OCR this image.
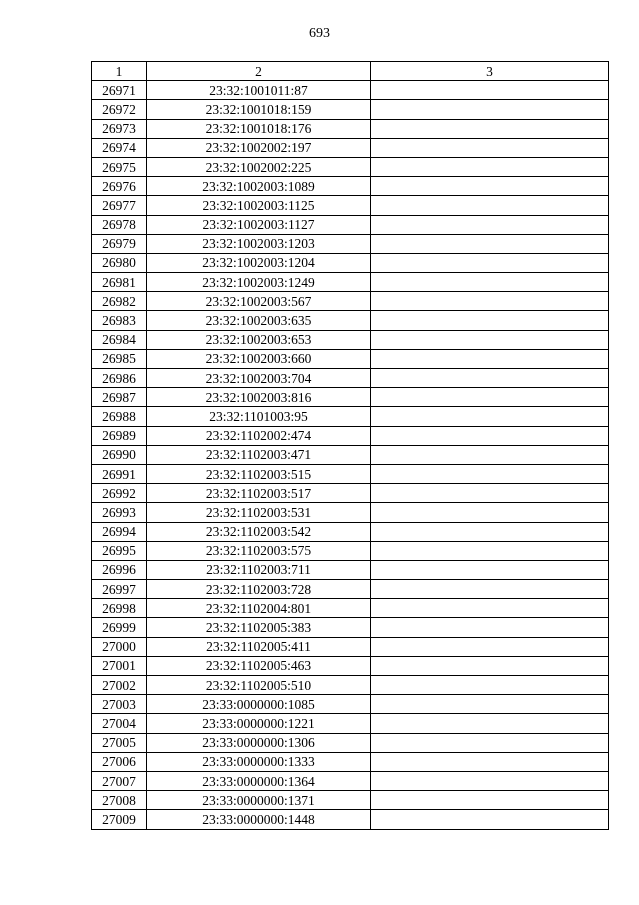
693
1	2	3
26971	23:32:1001011:87	
26972	23:32:1001018:159	
26973	23:32:1001018:176	
26974	23:32:1002002:197	
26975	23:32:1002002:225	
26976	23:32:1002003:1089	
26977	23:32:1002003:1125	
26978	23:32:1002003:1127	
26979	23:32:1002003:1203	
26980	23:32:1002003:1204	
26981	23:32:1002003:1249	
26982	23:32:1002003:567	
26983	23:32:1002003:635	
26984	23:32:1002003:653	
26985	23:32:1002003:660	
26986	23:32:1002003:704	
26987	23:32:1002003:816	
26988	23:32:1101003:95	
26989	23:32:1102002:474	
26990	23:32:1102003:471	
26991	23:32:1102003:515	
26992	23:32:1102003:517	
26993	23:32:1102003:531	
26994	23:32:1102003:542	
26995	23:32:1102003:575	
26996	23:32:1102003:711	
26997	23:32:1102003:728	
26998	23:32:1102004:801	
26999	23:32:1102005:383	
27000	23:32:1102005:411	
27001	23:32:1102005:463	
27002	23:32:1102005:510	
27003	23:33:0000000:1085	
27004	23:33:0000000:1221	
27005	23:33:0000000:1306	
27006	23:33:0000000:1333	
27007	23:33:0000000:1364	
27008	23:33:0000000:1371	
27009	23:33:0000000:1448	
